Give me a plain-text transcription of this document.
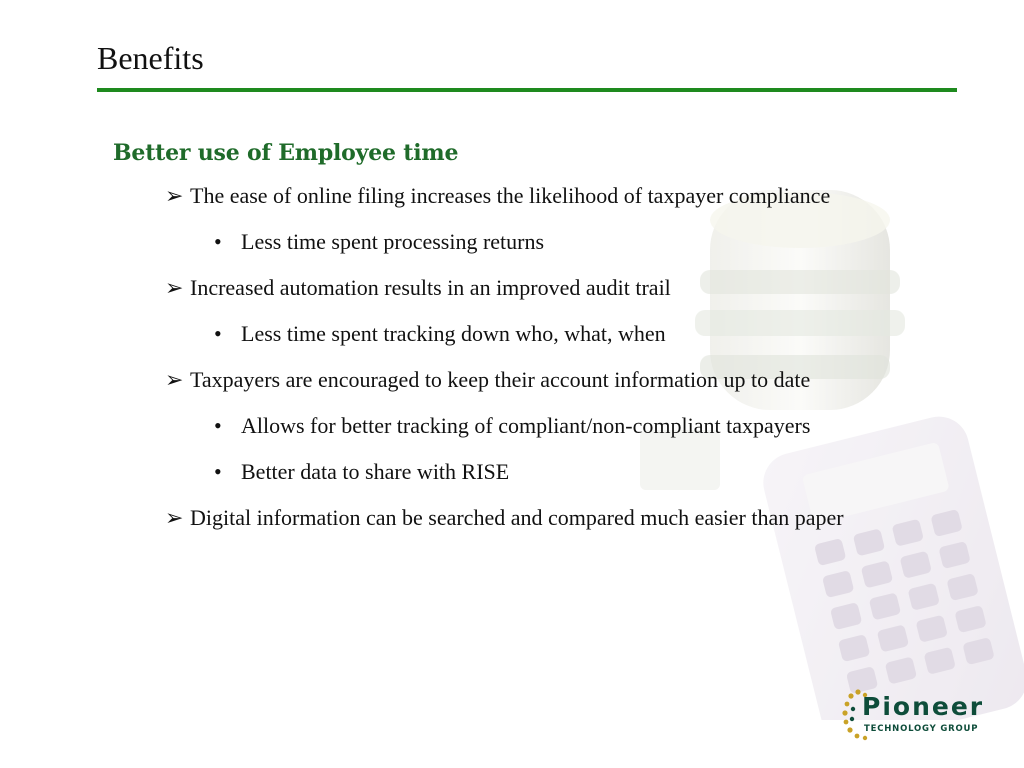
Benefits
Better use of Employee time
➢ The ease of online filing increases the likelihood of taxpayer compliance
• Less time spent processing returns
➢ Increased automation results in an improved audit trail
• Less time spent tracking down who, what, when
➢ Taxpayers are encouraged to keep their account information up to date
• Allows for better tracking of compliant/non-compliant taxpayers
• Better data to share with RISE
➢ Digital information can be searched and compared much easier than paper
Pioneer
TECHNOLOGY GROUP
